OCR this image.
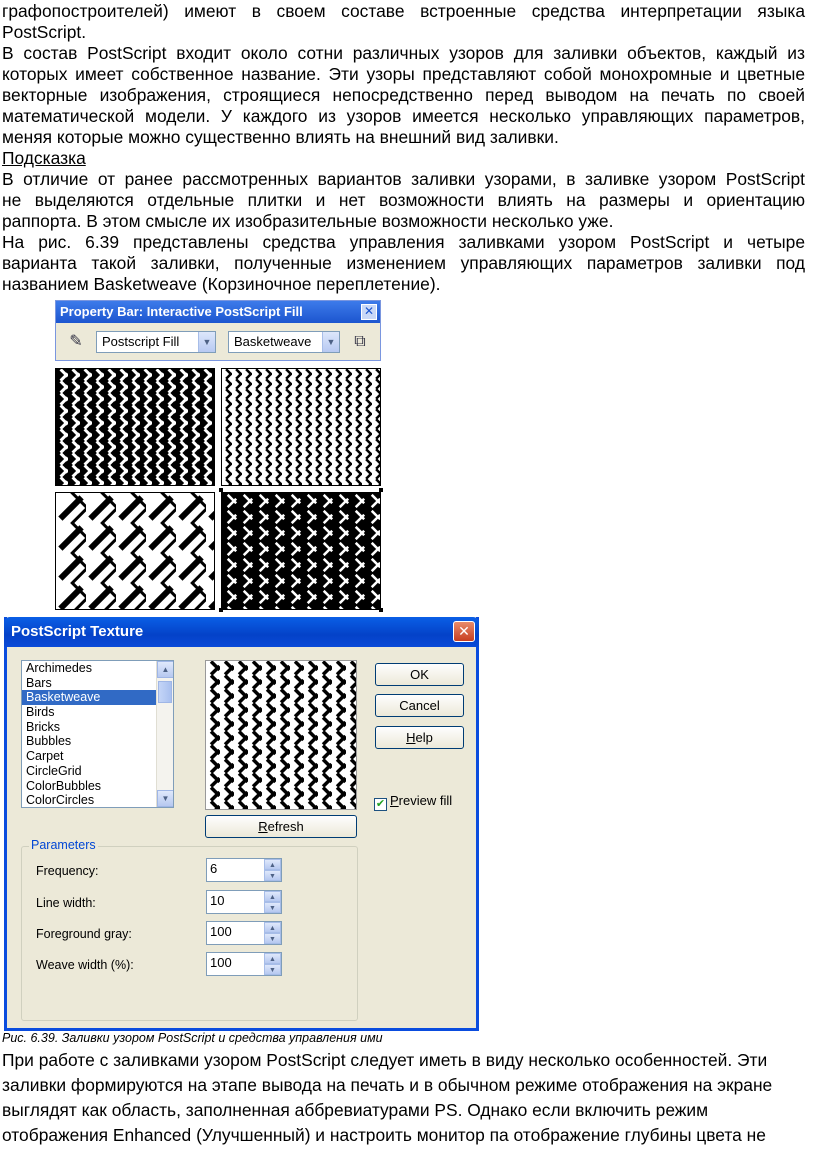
графопостроителей) имеют в своем составе встроенные средства интерпретации языка
PostScript.
В состав PostScript входит около сотни различных узоров для заливки объектов, каждый из
которых имеет собственное название. Эти узоры представляют собой монохромные и цветные
векторные изображения, строящиеся непосредственно перед выводом на печать по своей
математической модели. У каждого из узоров имеется несколько управляющих параметров,
меняя которые можно существенно влиять на внешний вид заливки.
Подсказка
В отличие от ранее рассмотренных вариантов заливки узорами, в заливке узором PostScript
не выделяются отдельные плитки и нет возможности влиять на размеры и ориентацию
раппорта. В этом смысле их изобразительные возможности несколько уже.
На рис. 6.39 представлены средства управления заливками узором PostScript и четыре
варианта такой заливки, полученные изменением управляющих параметров заливки под
названием Basketweave (Корзиночное переплетение).
Property Bar: Interactive PostScript Fill	✕
✎	Postscript Fill	▼	Basketweave	▼	⧉
PostScript Texture	✕
Archimedes
Bars
Basketweave
Birds
Bricks
Bubbles
Carpet
CircleGrid
ColorBubbles
ColorCircles
▲
▼
OK
Cancel
Help
✔ Preview fill
Refresh
Parameters
Frequency:	6	▲
▼
Line width:	10	▲
▼
Foreground gray:	100	▲
▼
Weave width (%):	100	▲
▼
Рис. 6.39. Заливки узором PostScript и средства управления ими
При работе с заливками узором PostScript следует иметь в виду несколько особенностей. Эти
заливки формируются на этапе вывода на печать и в обычном режиме отображения на экране
выглядят как область, заполненная аббревиатурами PS. Однако если включить режим
отображения Enhanced (Улучшенный) и настроить монитор па отображение глубины цвета не
